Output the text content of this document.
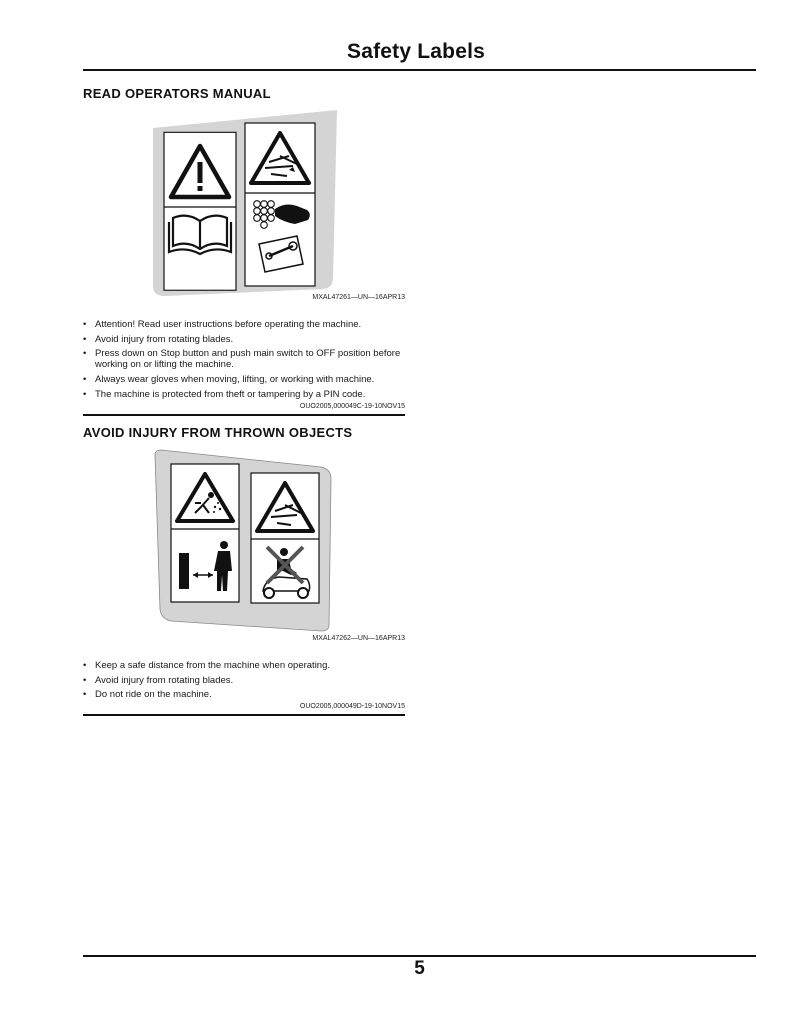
Safety Labels
READ OPERATORS MANUAL
MXAL47261—UN—16APR13
• Attention! Read user instructions before operating the machine.
• Avoid injury from rotating blades.
• Press down on Stop button and push main switch to OFF position before working on or lifting the machine.
• Always wear gloves when moving, lifting, or working with machine.
• The machine is protected from theft or tampering by a PIN code.
OUO2005,000049C-19-10NOV15
AVOID INJURY FROM THROWN OBJECTS
MXAL47262—UN—16APR13
• Keep a safe distance from the machine when operating.
• Avoid injury from rotating blades.
• Do not ride on the machine.
OUO2005,000049D-19-10NOV15
5
